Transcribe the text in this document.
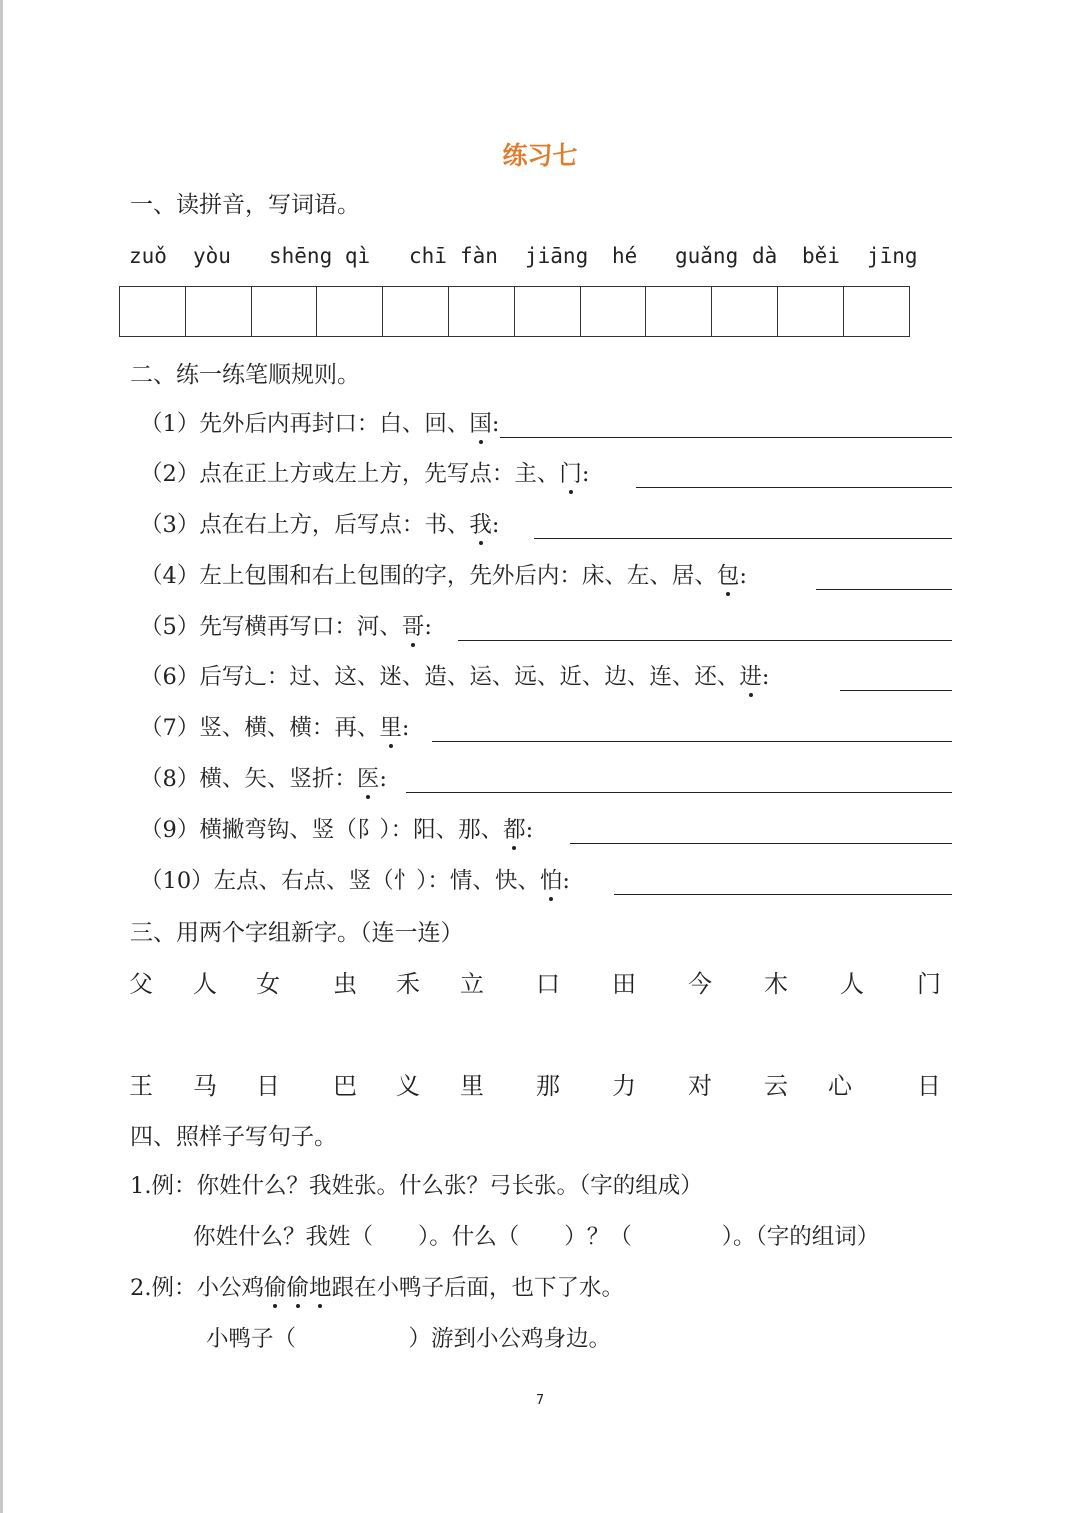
练习七
一、读拼音，写词语。
zuǒ yòu shēng qì chī fàn jiāng hé guǎng dà běi jīng
二、练一练笔顺规则。
（1）先外后内再封口：白、回、国:
（2）点在正上方或左上方，先写点：主、门:
（3）点在右上方，后写点：书、我:
（4）左上包围和右上包围的字，先外后内：床、左、居、包:
（5）先写横再写口：河、哥:
（6）后写辶：过、这、迷、造、运、远、近、边、连、还、进:
（7）竖、横、横：再、里:
（8）横、矢、竖折：医:
（9）横撇弯钩、竖（阝）：阳、那、都:
（10）左点、右点、竖（忄）：情、快、怕:
三、用两个字组新字。（连一连）
父 人 女 虫 禾 立 口 田 今 木 人 门
王 马 日 巴 义 里 那 力 对 云 心	日
四、照样子写句子。
1.例：你姓什么？我姓张。什么张？弓长张。（字的组成）
你姓什么？我姓（　　）。什么（　　）？（　　　　）。（字的组词）
2.例：小公鸡偷偷地跟在小鸭子后面，也下了水。
小鸭子（　　　　　）游到小公鸡身边。
7
